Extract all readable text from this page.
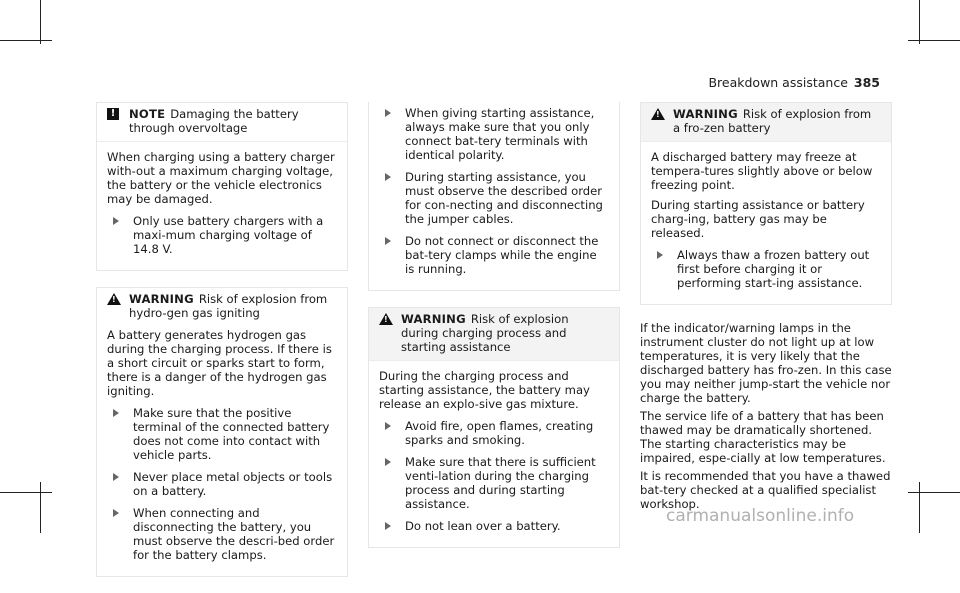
Breakdown assistance 385
!	NOTE Damaging the battery through overvoltage

When charging using a battery charger with-out a maximum charging voltage, the battery or the vehicle electronics may be damaged.

Only use battery chargers with a maxi-mum charging voltage of 14.8 V.
!
WARNING Risk of explosion from hydro-gen gas igniting

A battery generates hydrogen gas during the charging process. If there is a short circuit or sparks start to form, there is a danger of the hydrogen gas igniting.

Make sure that the positive terminal of the connected battery does not come into contact with vehicle parts.
Never place metal objects or tools on a battery.
When connecting and disconnecting the battery, you must observe the descri-bed order for the battery clamps.
When giving starting assistance, always make sure that you only connect bat-tery terminals with identical polarity.
During starting assistance, you must observe the described order for con-necting and disconnecting the jumper cables.
Do not connect or disconnect the bat-tery clamps while the engine is running.
!
WARNING Risk of explosion during charging process and starting assistance

During the charging process and starting assistance, the battery may release an explo-sive gas mixture.

Avoid fire, open flames, creating sparks and smoking.
Make sure that there is sufficient venti-lation during the charging process and during starting assistance.
Do not lean over a battery.
!
WARNING Risk of explosion from a fro-zen battery

A discharged battery may freeze at tempera-tures slightly above or below freezing point.

During starting assistance or battery charg-ing, battery gas may be released.

Always thaw a frozen battery out first before charging it or performing start-ing assistance.

If the indicator/warning lamps in the instrument cluster do not light up at low temperatures, it is very likely that the discharged battery has fro-zen. In this case you may neither jump-start the vehicle nor charge the battery.

The service life of a battery that has been thawed may be dramatically shortened. The starting characteristics may be impaired, espe-cially at low temperatures.

It is recommended that you have a thawed bat-tery checked at a qualified specialist workshop.

carmanualsonline.info
